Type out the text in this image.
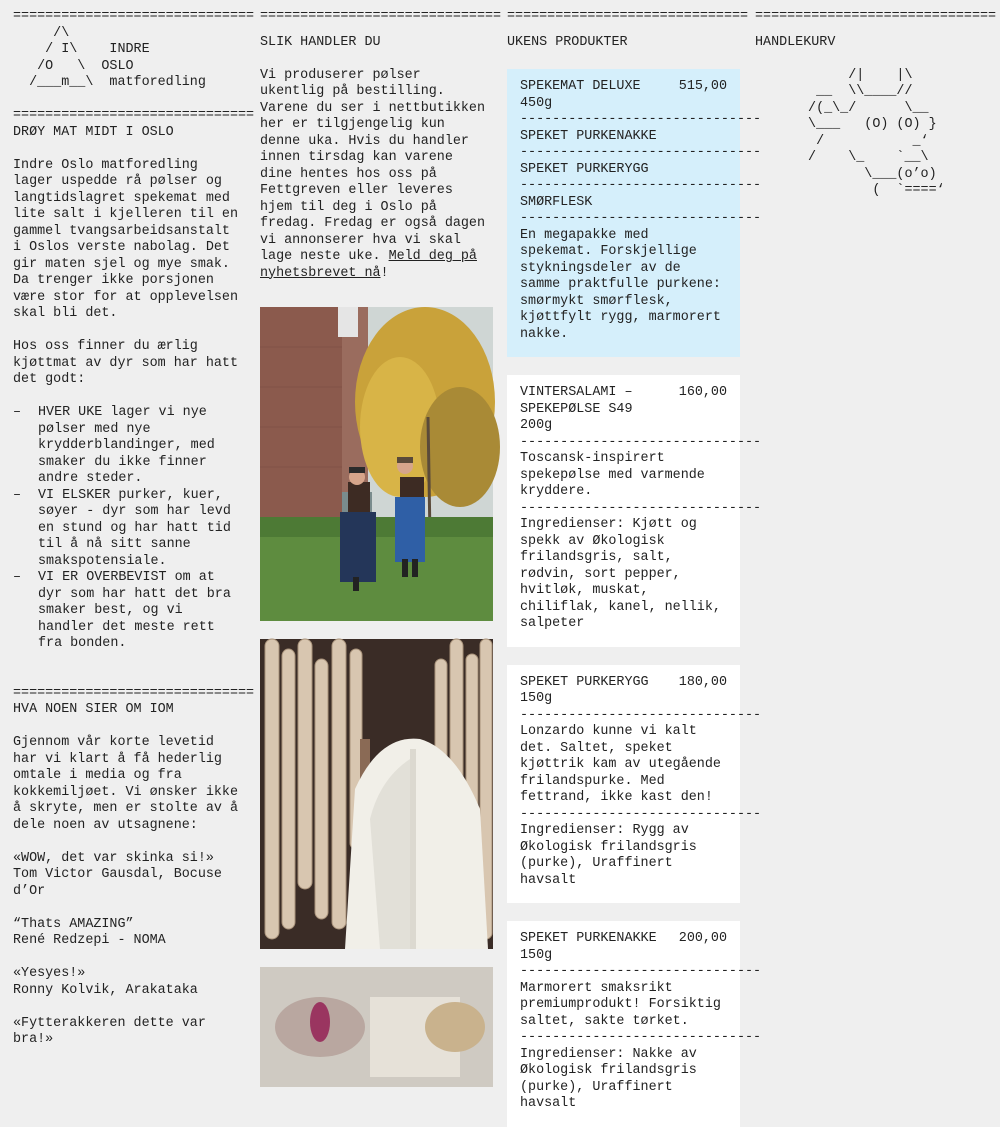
==============================
/\
/ I\    INDRE
/O   \  OSLO
/___m__\  matforedling
==============================
DRØY MAT MIDT I OSLO

Indre Oslo matforedling lager uspedde rå pølser og langtidslagret spekemat med lite salt i kjelleren til en gammel tvangsarbeidsanstalt i Oslos verste nabolag. Det gir maten sjel og mye smak. Da trenger ikke porsjonen være stor for at opplevelsen skal bli det.

Hos oss finner du ærlig kjøttmat av dyr som har hatt det godt:

– HVER UKE lager vi nye pølser med nye krydderblandinger, med smaker du ikke finner andre steder.
– VI ELSKER purker, kuer, søyer - dyr som har levd en stund og har hatt tid til å nå sitt sanne smakspotensiale.
– VI ER OVERBEVIST om at dyr som har hatt det bra smaker best, og vi handler det meste rett fra bonden.
==============================
HVA NOEN SIER OM IOM

Gjennom vår korte levetid har vi klart å få hederlig omtale i media og fra kokkemiljøet. Vi ønsker ikke å skryte, men er stolte av å dele noen av utsagnene:

«WOW, det var skinka si!»
Tom Victor Gausdal, Bocuse d’Or
“Thats AMAZING”
René Redzepi - NOMA
«Yesyes!»
Ronny Kolvik, Arakataka
«Fytterakkeren dette var bra!»
==============================
SLIK HANDLER DU

Vi produserer pølser ukentlig på bestilling. Varene du ser i nettbutikken her er tilgjengelig kun denne uka. Hvis du handler innen tirsdag kan varene dine hentes hos oss på Fettgreven eller leveres hjem til deg i Oslo på fredag. Fredag er også dagen vi annonserer hva vi skal lage neste uke. Meld deg på nyhetsbrevet nå!

==============================
UKENS PRODUKTER
SPEKEMAT DELUXE	515,00
450g
------------------------------
SPEKET PURKENAKKE
------------------------------
SPEKET PURKERYGG
------------------------------
SMØRFLESK
------------------------------
En megapakke med spekemat. Forskjellige stykningsdeler av de samme praktfulle purkene: smørmykt smørflesk, kjøttfylt rygg, marmorert nakke.
VINTERSALAMI – SPEKEPØLSE S49
160,00
200g
------------------------------
Toscansk-inspirert spekepølse med varmende kryddere.
------------------------------
Ingredienser: Kjøtt og spekk av Økologisk frilandsgris, salt, rødvin, sort pepper, hvitløk, muskat, chiliflak, kanel, nellik, salpeter
SPEKET PURKERYGG 180,00
150g
------------------------------
Lonzardo kunne vi kalt det. Saltet, speket kjøttrik kam av utegående frilandspurke. Med fettrand, ikke kast den!
------------------------------
Ingredienser: Rygg av Økologisk frilandsgris (purke), Uraffinert havsalt
SPEKET PURKENAKKE 200,00
150g
------------------------------
Marmorert smaksrikt premiumprodukt! Forsiktig saltet, sakte tørket.
------------------------------
Ingredienser: Nakke av Økologisk frilandsgris (purke), Uraffinert havsalt
==============================
HANDLEKURV
/|    |\
__  \\____//
/(_\_/      \__
\___   (O) (O) }
/           _‘
/    \_    `__\
\___(o’o)
(  `====‘
